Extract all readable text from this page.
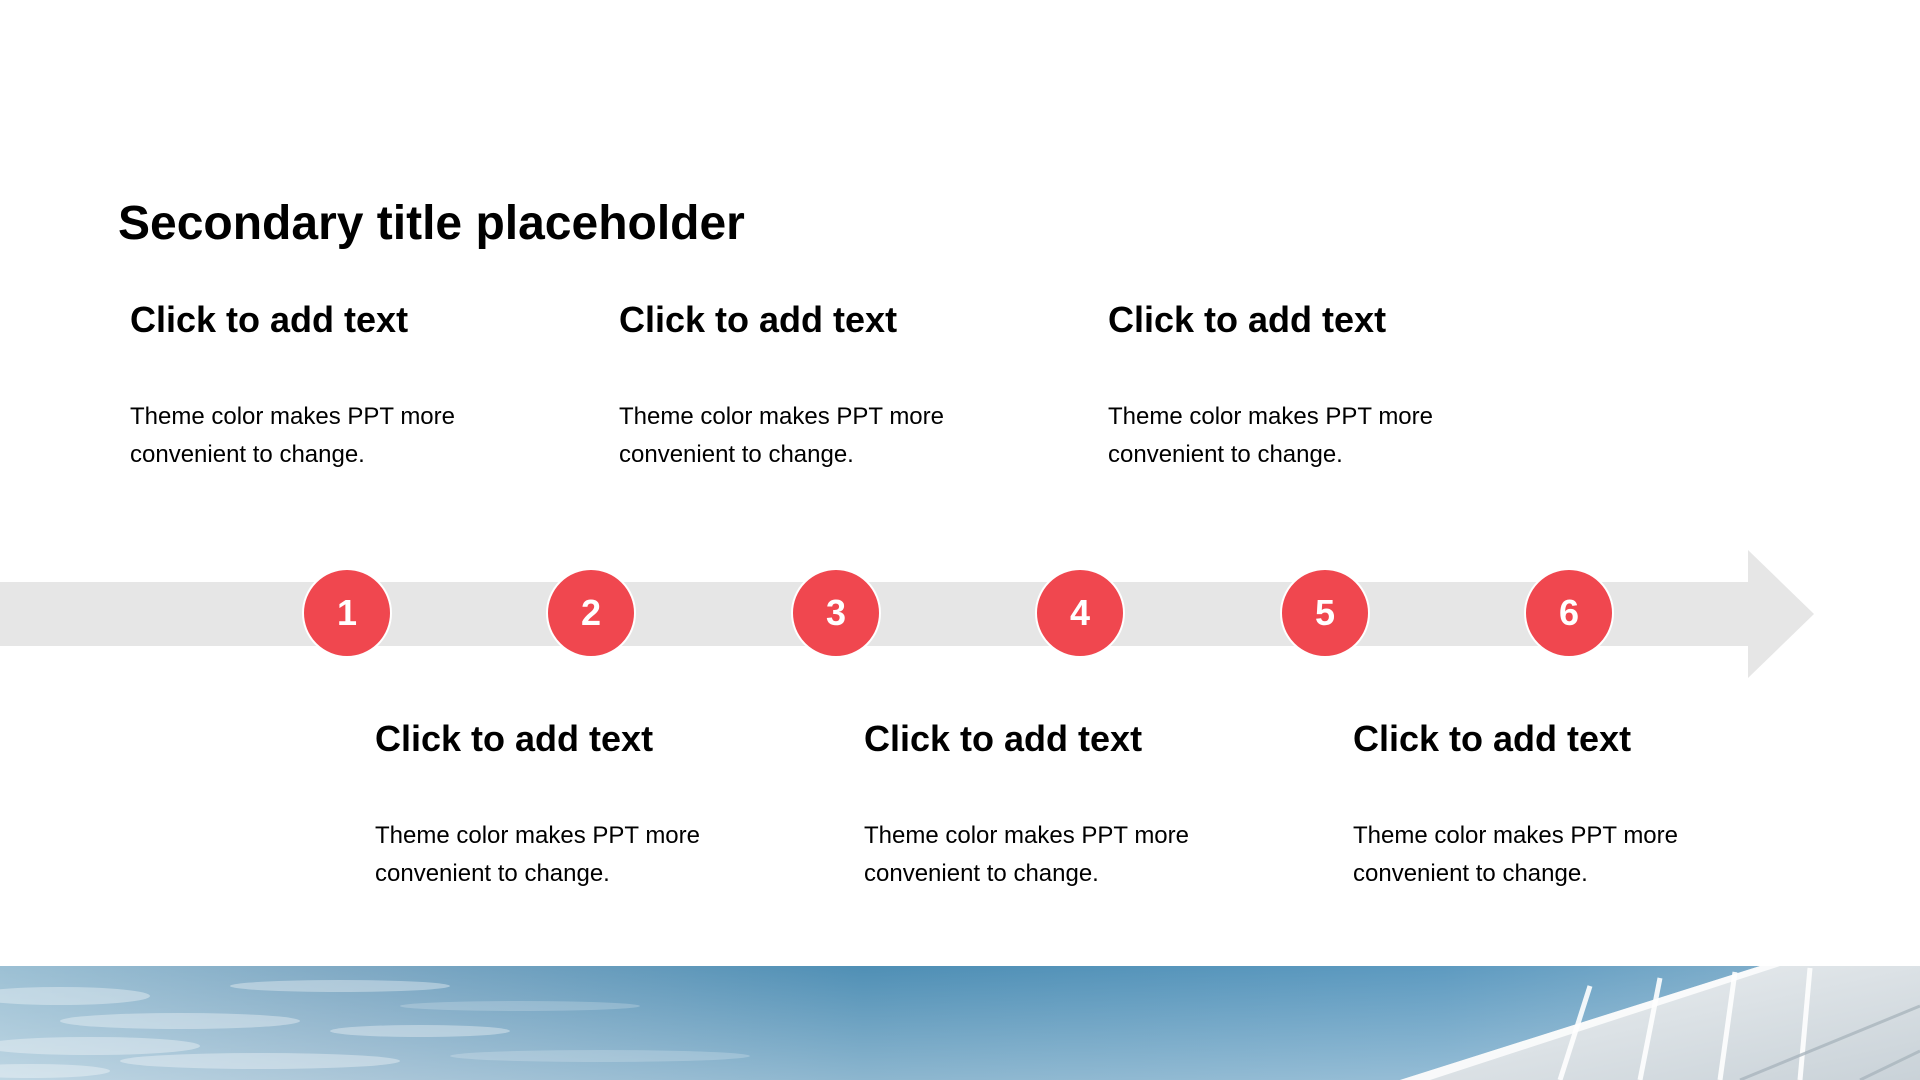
Secondary title placeholder
1	2	3	4	5	6

Click to add text

Theme color makes PPT more
convenient to change.

Click to add text

Theme color makes PPT more
convenient to change.

Click to add text

Theme color makes PPT more
convenient to change.

Click to add text

Theme color makes PPT more
convenient to change.

Click to add text

Theme color makes PPT more
convenient to change.

Click to add text

Theme color makes PPT more
convenient to change.
